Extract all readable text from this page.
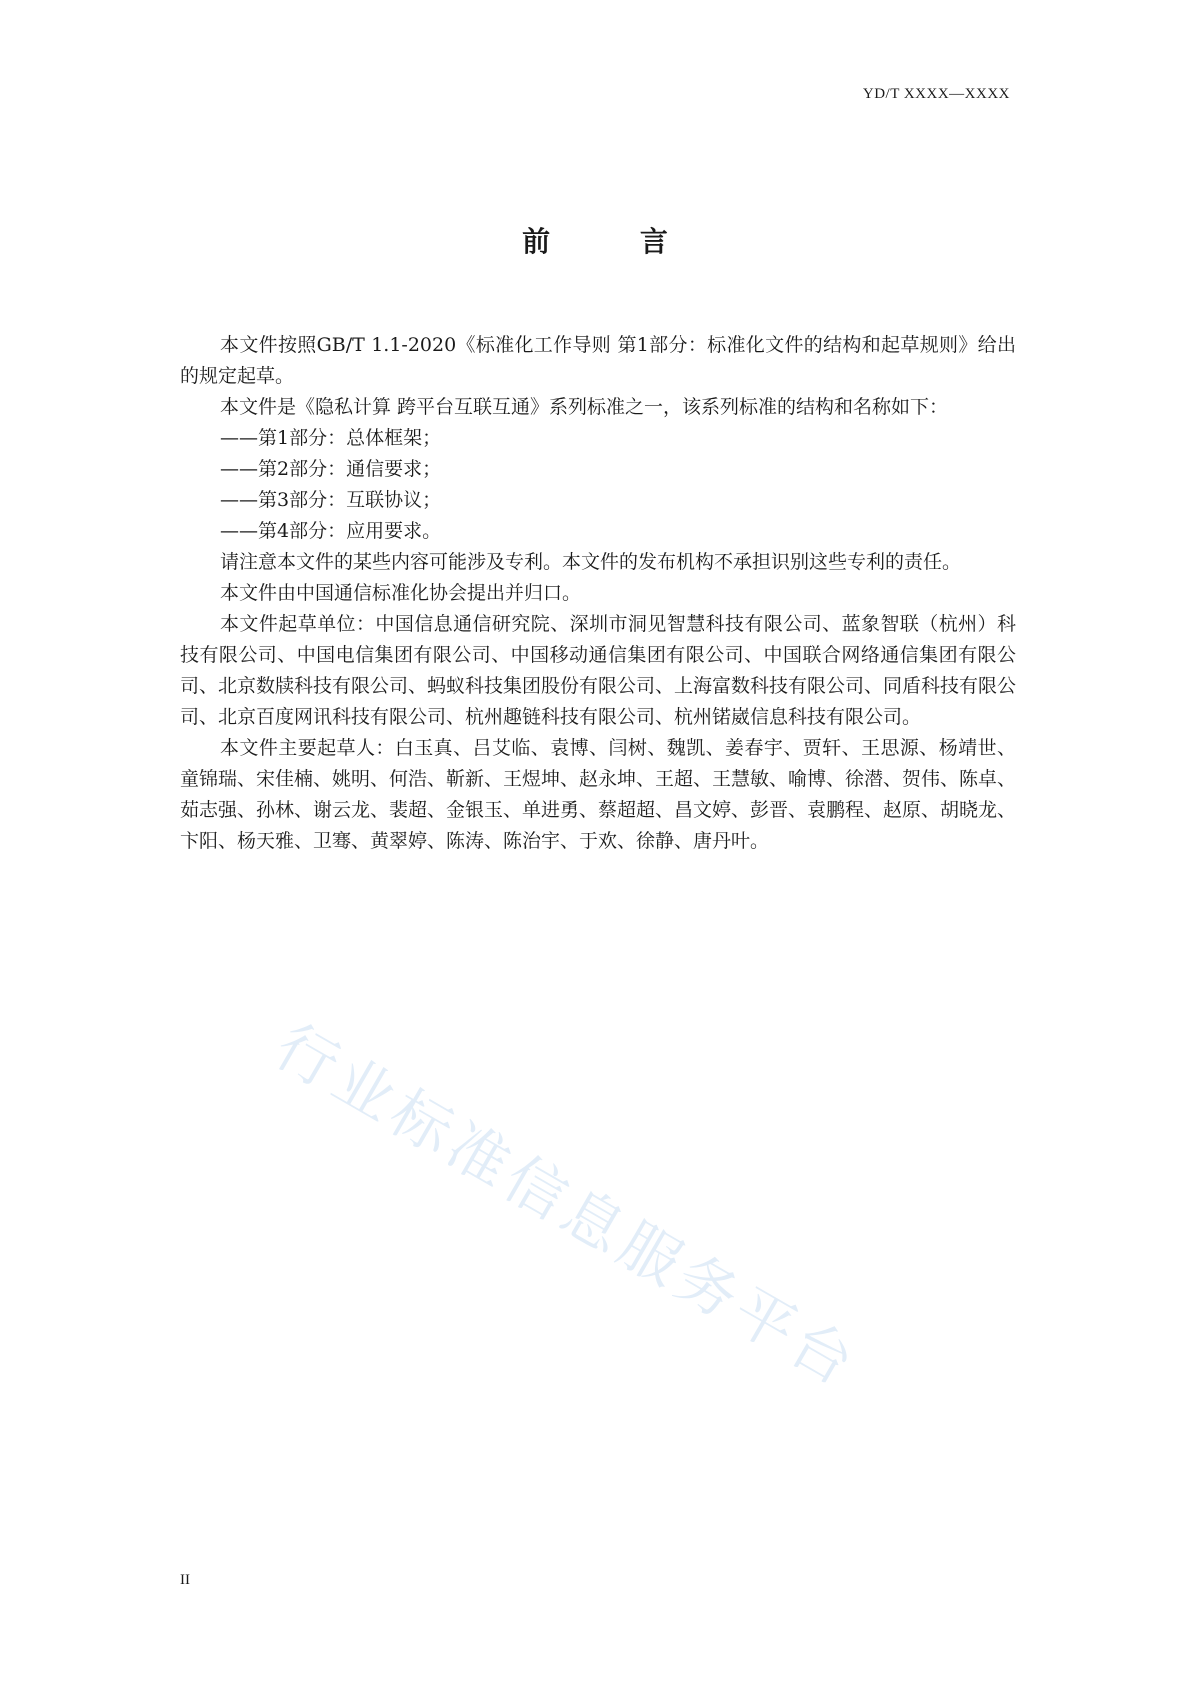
YD/T XXXX—XXXX
前 言

本文件按照GB/T 1.1-2020《标准化工作导则 第1部分：标准化文件的结构和起草规则》给出的规定起草。

本文件是《隐私计算 跨平台互联互通》系列标准之一，该系列标准的结构和名称如下：

——第1部分：总体框架；

——第2部分：通信要求；

——第3部分：互联协议；

——第4部分：应用要求。

请注意本文件的某些内容可能涉及专利。本文件的发布机构不承担识别这些专利的责任。

本文件由中国通信标准化协会提出并归口。

本文件起草单位：中国信息通信研究院、深圳市洞见智慧科技有限公司、蓝象智联（杭州）科技有限公司、中国电信集团有限公司、中国移动通信集团有限公司、中国联合网络通信集团有限公司、北京数牍科技有限公司、蚂蚁科技集团股份有限公司、上海富数科技有限公司、同盾科技有限公司、北京百度网讯科技有限公司、杭州趣链科技有限公司、杭州锘崴信息科技有限公司。

本文件主要起草人：白玉真、吕艾临、袁博、闫树、魏凯、姜春宇、贾轩、王思源、杨靖世、童锦瑞、宋佳楠、姚明、何浩、靳新、王煜坤、赵永坤、王超、王慧敏、喻博、徐潜、贺伟、陈卓、茹志强、孙林、谢云龙、裴超、金银玉、单进勇、蔡超超、昌文婷、彭晋、袁鹏程、赵原、胡晓龙、卞阳、杨天雅、卫骞、黄翠婷、陈涛、陈治宇、于欢、徐静、唐丹叶。

行业标准信息服务平台
II
